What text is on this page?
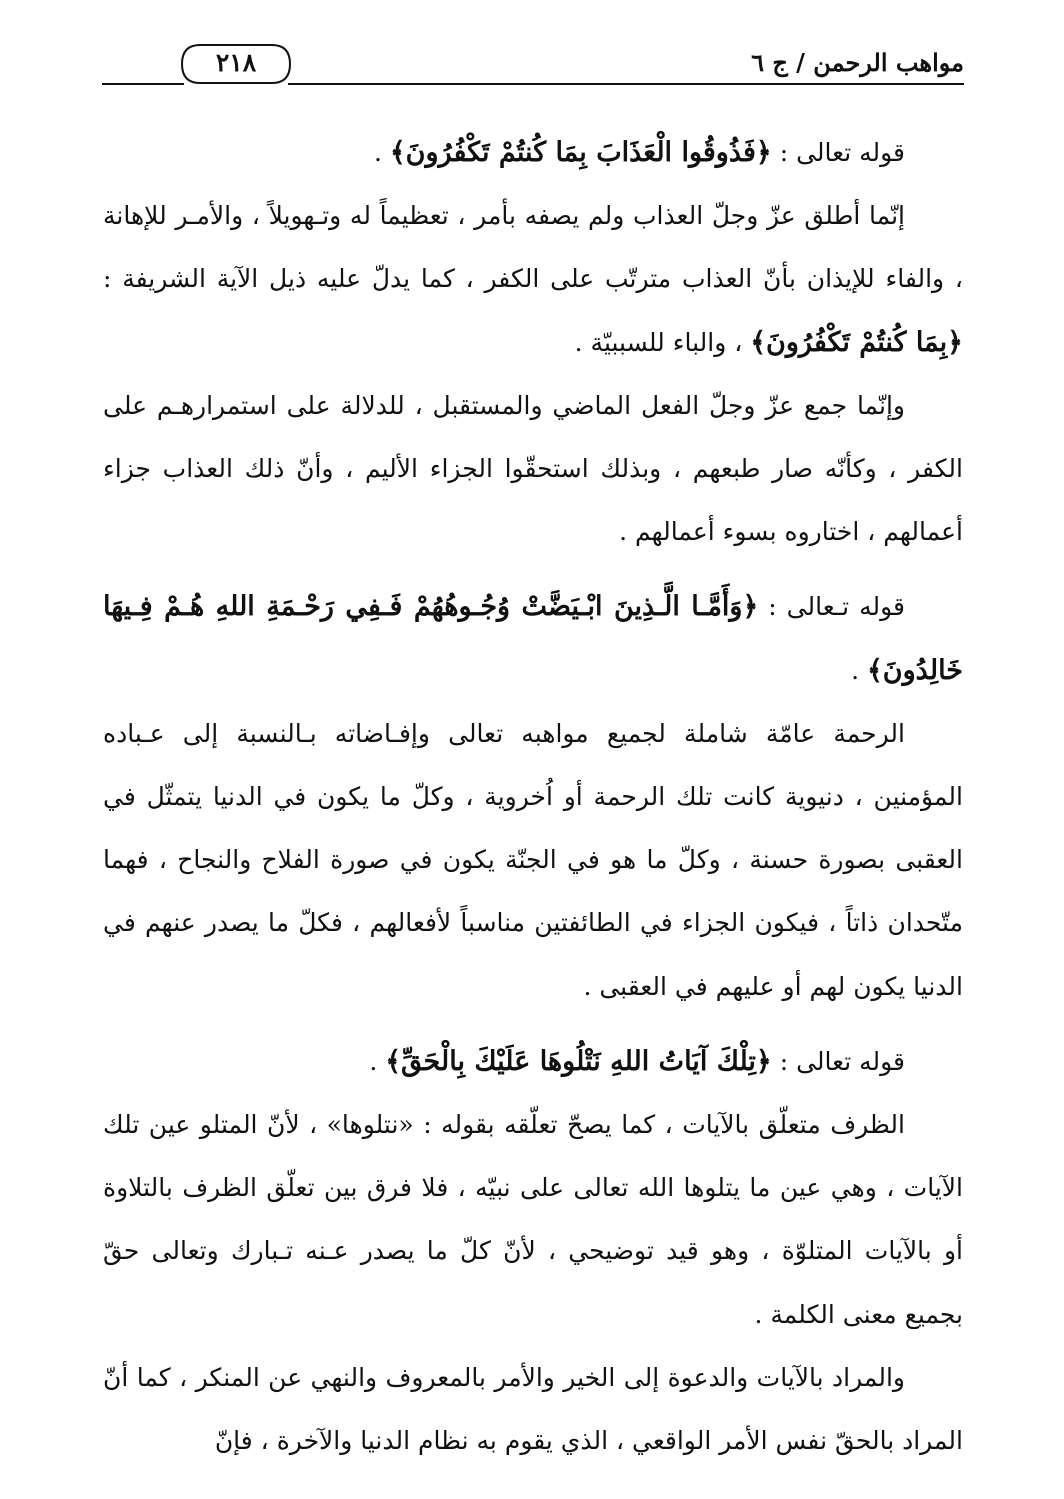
مواهب الرحمن / ج ٦
٢١٨

قوله تعالى : ﴿فَذُوقُوا الْعَذَابَ بِمَا كُنتُمْ تَكْفُرُونَ﴾ .

إنّما أطلق عزّ وجلّ العذاب ولم يصفه بأمر ، تعظيماً له وتـهويلاً ، والأمـر للإهانة ، والفاء للإيذان بأنّ العذاب مترتّب على الكفر ، كما يدلّ عليه ذيل الآية الشريفة : ﴿بِمَا كُنتُمْ تَكْفُرُونَ﴾ ، والباء للسببيّة .

وإنّما جمع عزّ وجلّ الفعل الماضي والمستقبل ، للدلالة على استمرارهـم على الكفر ، وكأنّه صار طبعهم ، وبذلك استحقّوا الجزاء الأليم ، وأنّ ذلك العذاب جزاء أعمالهم ، اختاروه بسوء أعمالهم .

قوله تـعالى : ﴿وَأَمَّـا الَّـذِينَ ابْـيَضَّتْ وُجُـوهُهُمْ فَـفِي رَحْـمَةِ اللهِ هُـمْ فِـيهَا خَالِدُونَ﴾ .

الرحمة عامّة شاملة لجميع مواهبه تعالى وإفـاضاته بـالنسبة إلى عـباده المؤمنين ، دنيوية كانت تلك الرحمة أو اُخروية ، وكلّ ما يكون في الدنيا يتمثّل في العقبى بصورة حسنة ، وكلّ ما هو في الجنّة يكون في صورة الفلاح والنجاح ، فهما متّحدان ذاتاً ، فيكون الجزاء في الطائفتين مناسباً لأفعالهم ، فكلّ ما يصدر عنهم في الدنيا يكون لهم أو عليهم في العقبى .

قوله تعالى : ﴿تِلْكَ آيَاتُ اللهِ نَتْلُوهَا عَلَيْكَ بِالْحَقِّ﴾ .

الظرف متعلّق بالآيات ، كما يصحّ تعلّقه بقوله : «نتلوها» ، لأنّ المتلو عين تلك الآيات ، وهي عين ما يتلوها الله تعالى على نبيّه ، فلا فرق بين تعلّق الظرف بالتلاوة أو بالآيات المتلوّة ، وهو قيد توضيحي ، لأنّ كلّ ما يصدر عـنه تـبارك وتعالى حقّ بجميع معنى الكلمة .

والمراد بالآيات والدعوة إلى الخير والأمر بالمعروف والنهي عن المنكر ، كما أنّ المراد بالحقّ نفس الأمر الواقعي ، الذي يقوم به نظام الدنيا والآخرة ، فإنّ
